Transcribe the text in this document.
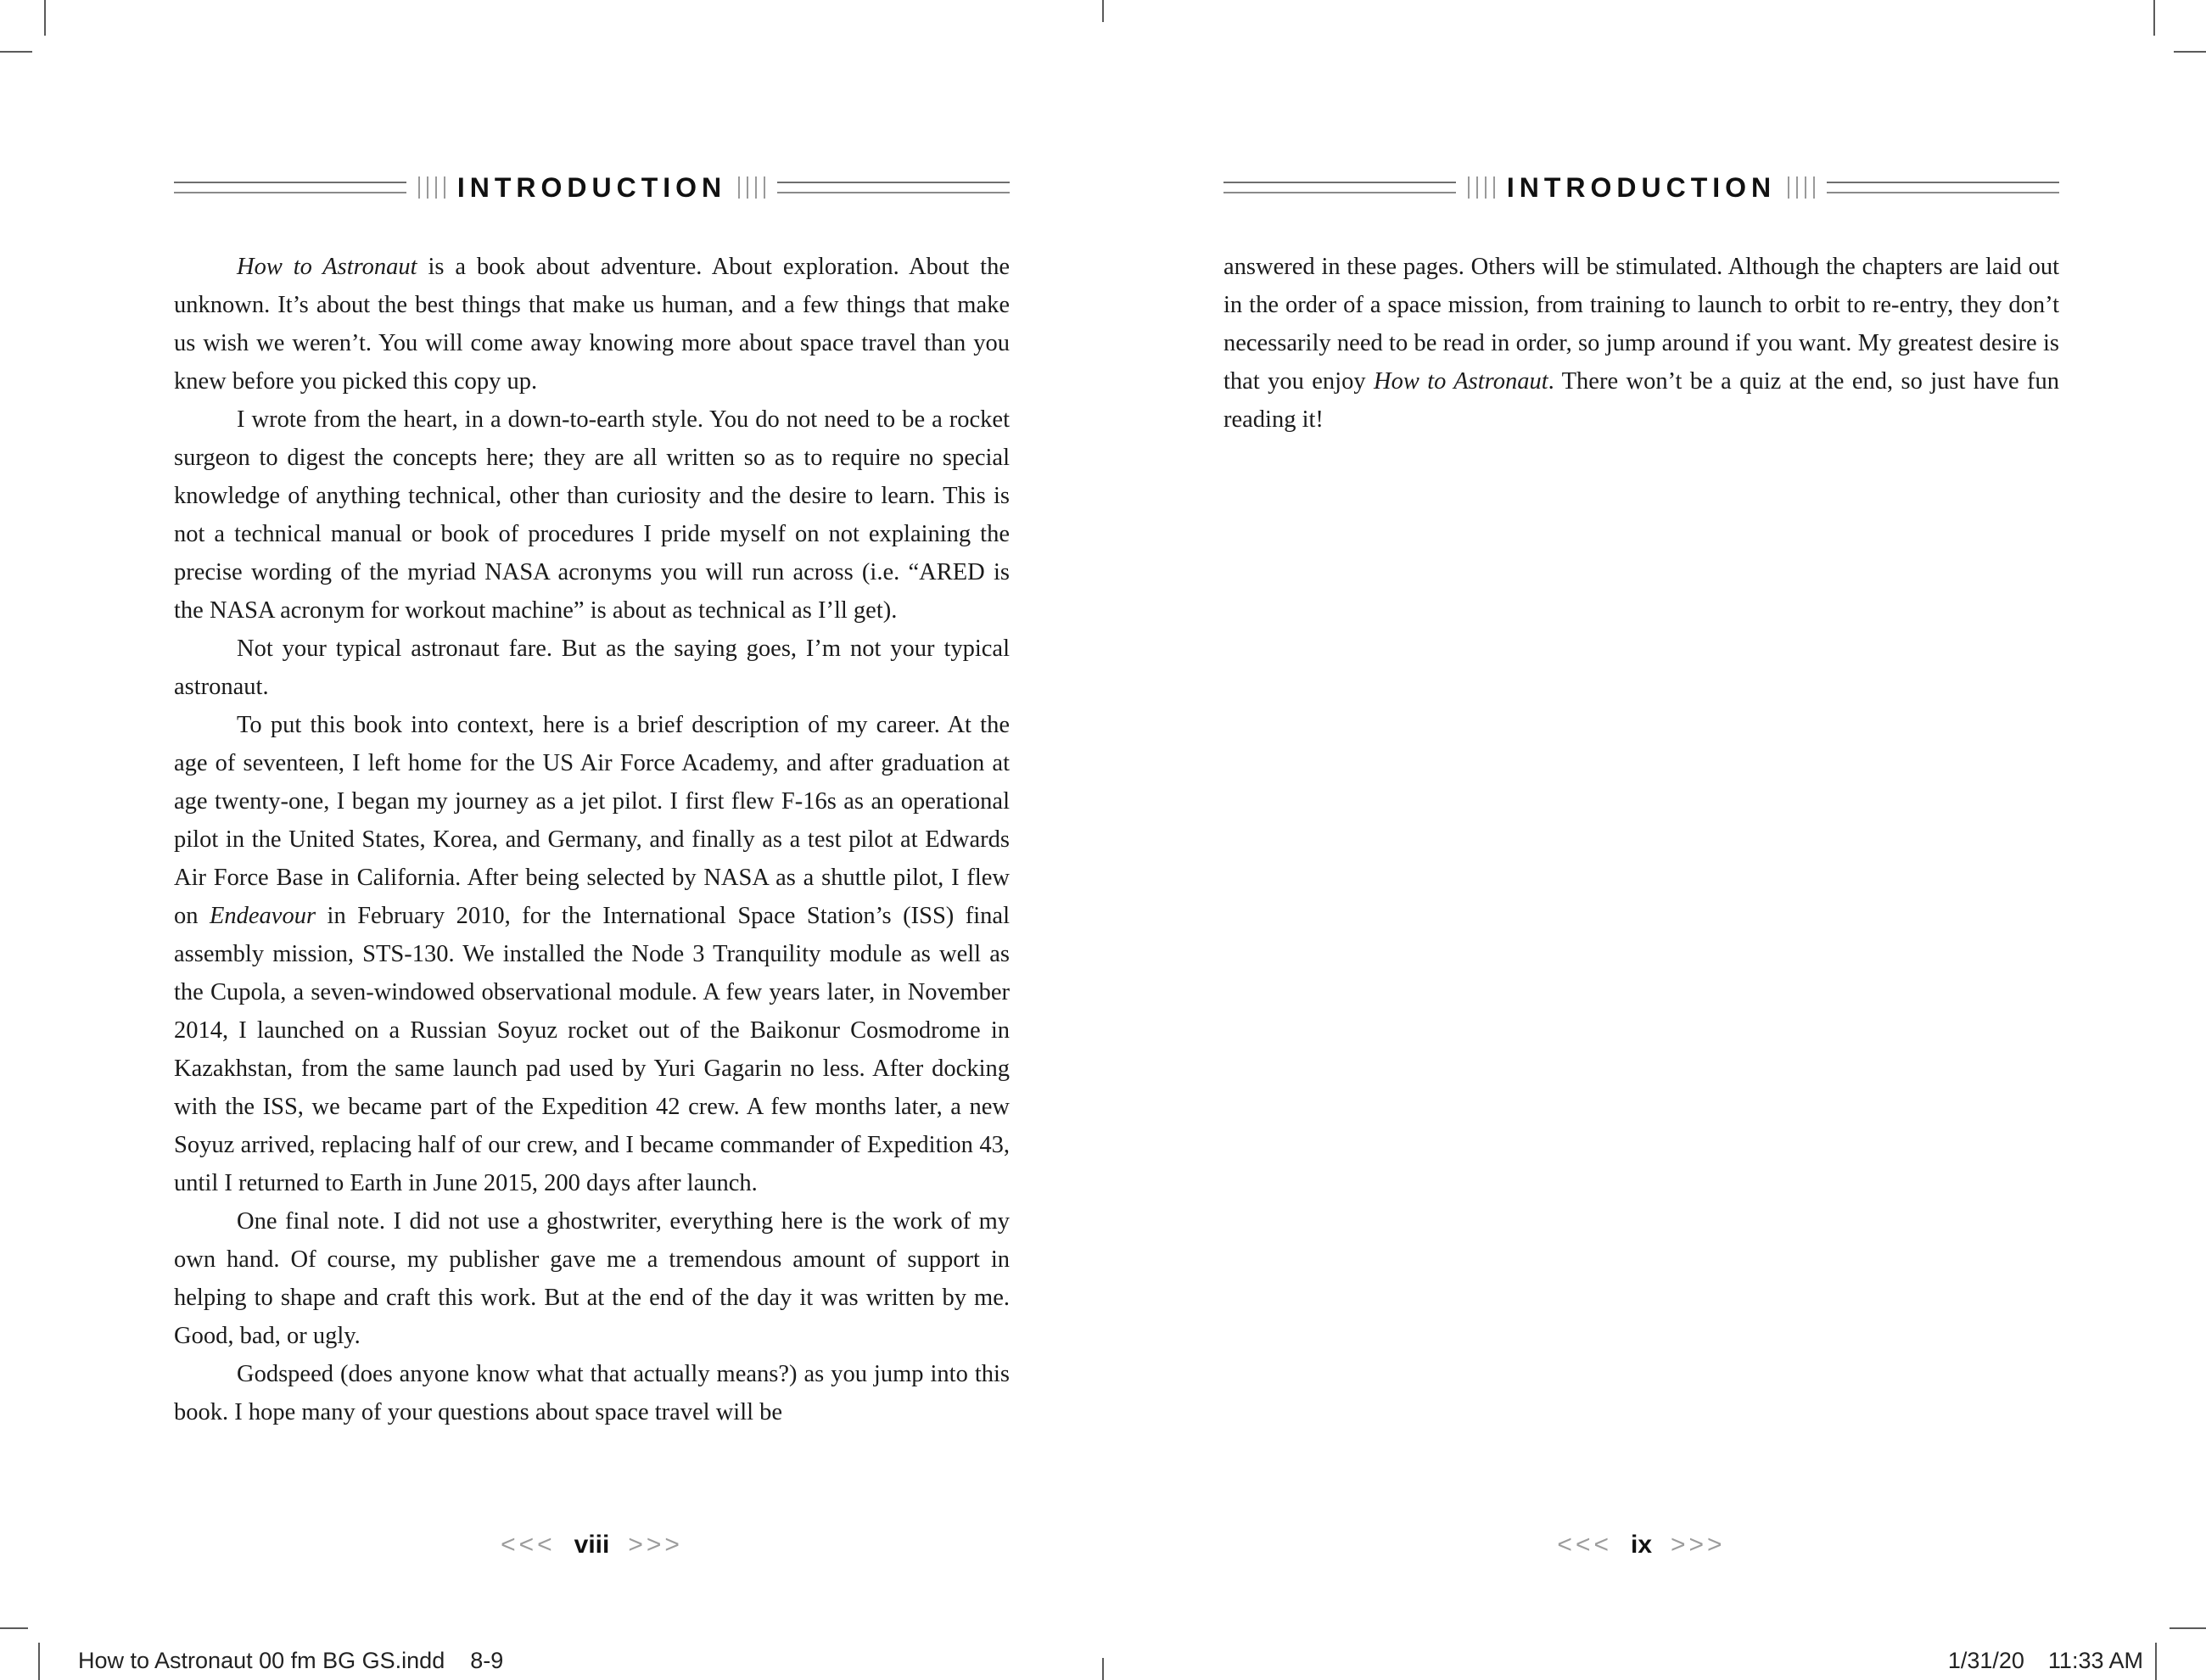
INTRODUCTION

How to Astronaut is a book about adventure. About exploration. About the unknown. It’s about the best things that make us human, and a few things that make us wish we weren’t. You will come away knowing more about space travel than you knew before you picked this copy up.

I wrote from the heart, in a down-to-earth style. You do not need to be a rocket surgeon to digest the concepts here; they are all written so as to require no special knowledge of anything technical, other than curiosity and the desire to learn. This is not a technical manual or book of procedures I pride myself on not explaining the precise wording of the myriad NASA acronyms you will run across (i.e. “ARED is the NASA acronym for workout machine” is about as technical as I’ll get).

Not your typical astronaut fare. But as the saying goes, I’m not your typical astronaut.

To put this book into context, here is a brief description of my career. At the age of seventeen, I left home for the US Air Force Academy, and after graduation at age twenty-one, I began my journey as a jet pilot. I first flew F-16s as an operational pilot in the United States, Korea, and Germany, and finally as a test pilot at Edwards Air Force Base in California. After being selected by NASA as a shuttle pilot, I flew on Endeavour in February 2010, for the International Space Station’s (ISS) final assembly mission, STS-130. We installed the Node 3 Tranquility module as well as the Cupola, a seven-windowed observational module. A few years later, in November 2014, I launched on a Russian Soyuz rocket out of the Baikonur Cosmodrome in Kazakhstan, from the same launch pad used by Yuri Gagarin no less. After docking with the ISS, we became part of the Expedition 42 crew. A few months later, a new Soyuz arrived, replacing half of our crew, and I became commander of Expedition 43, until I returned to Earth in June 2015, 200 days after launch.

One final note. I did not use a ghostwriter, everything here is the work of my own hand. Of course, my publisher gave me a tremendous amount of support in helping to shape and craft this work. But at the end of the day it was written by me. Good, bad, or ugly.

Godspeed (does anyone know what that actually means?) as you jump into this book. I hope many of your questions about space travel will be

<<< viii >>>
INTRODUCTION

answered in these pages. Others will be stimulated. Although the chapters are laid out in the order of a space mission, from training to launch to orbit to re-entry, they don’t necessarily need to be read in order, so jump around if you want. My greatest desire is that you enjoy How to Astronaut. There won’t be a quiz at the end, so just have fun reading it!

<<< ix >>>
How to Astronaut 00 fm BG GS.indd 8-9	1/31/20 11:33 AM
